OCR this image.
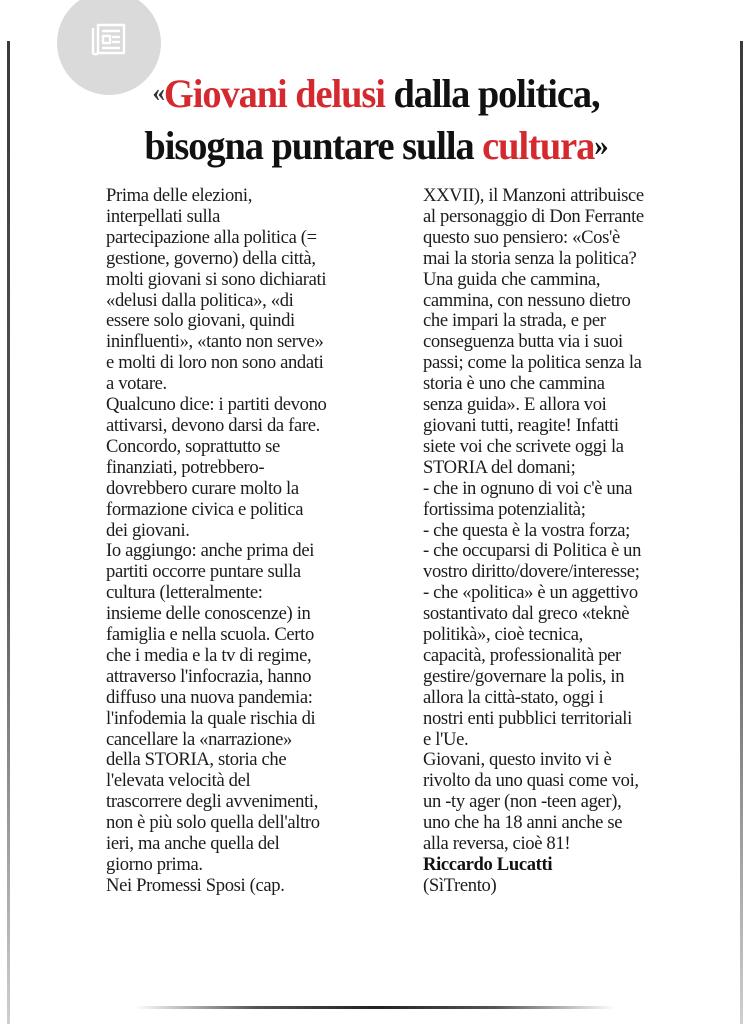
«Giovani delusi dalla politica,
bisogna puntare sulla cultura»
Prima delle elezioni,
interpellati sulla
partecipazione alla politica (=
gestione, governo) della città,
molti giovani si sono dichiarati
«delusi dalla politica», «di
essere solo giovani, quindi
ininfluenti», «tanto non serve»
e molti di loro non sono andati
a votare.
Qualcuno dice: i partiti devono
attivarsi, devono darsi da fare.
Concordo, soprattutto se
finanziati, potrebbero-
dovrebbero curare molto la
formazione civica e politica
dei giovani.
Io aggiungo: anche prima dei
partiti occorre puntare sulla
cultura (letteralmente:
insieme delle conoscenze) in
famiglia e nella scuola. Certo
che i media e la tv di regime,
attraverso l'infocrazia, hanno
diffuso una nuova pandemia:
l'infodemia la quale rischia di
cancellare la «narrazione»
della STORIA, storia che
l'elevata velocità del
trascorrere degli avvenimenti,
non è più solo quella dell'altro
ieri, ma anche quella del
giorno prima.
Nei Promessi Sposi (cap.
XXVII), il Manzoni attribuisce
al personaggio di Don Ferrante
questo suo pensiero: «Cos'è
mai la storia senza la politica?
Una guida che cammina,
cammina, con nessuno dietro
che impari la strada, e per
conseguenza butta via i suoi
passi; come la politica senza la
storia è uno che cammina
senza guida». E allora voi
giovani tutti, reagite! Infatti
siete voi che scrivete oggi la
STORIA del domani;
- che in ognuno di voi c'è una
fortissima potenzialità;
- che questa è la vostra forza;
- che occuparsi di Politica è un
vostro diritto/dovere/interesse;
- che «politica» è un aggettivo
sostantivato dal greco «teknè
politikà», cioè tecnica,
capacità, professionalità per
gestire/governare la polis, in
allora la città-stato, oggi i
nostri enti pubblici territoriali
e l'Ue.
Giovani, questo invito vi è
rivolto da uno quasi come voi,
un -ty ager (non -teen ager),
uno che ha 18 anni anche se
alla reversa, cioè 81!
Riccardo Lucatti
(SìTrento)
